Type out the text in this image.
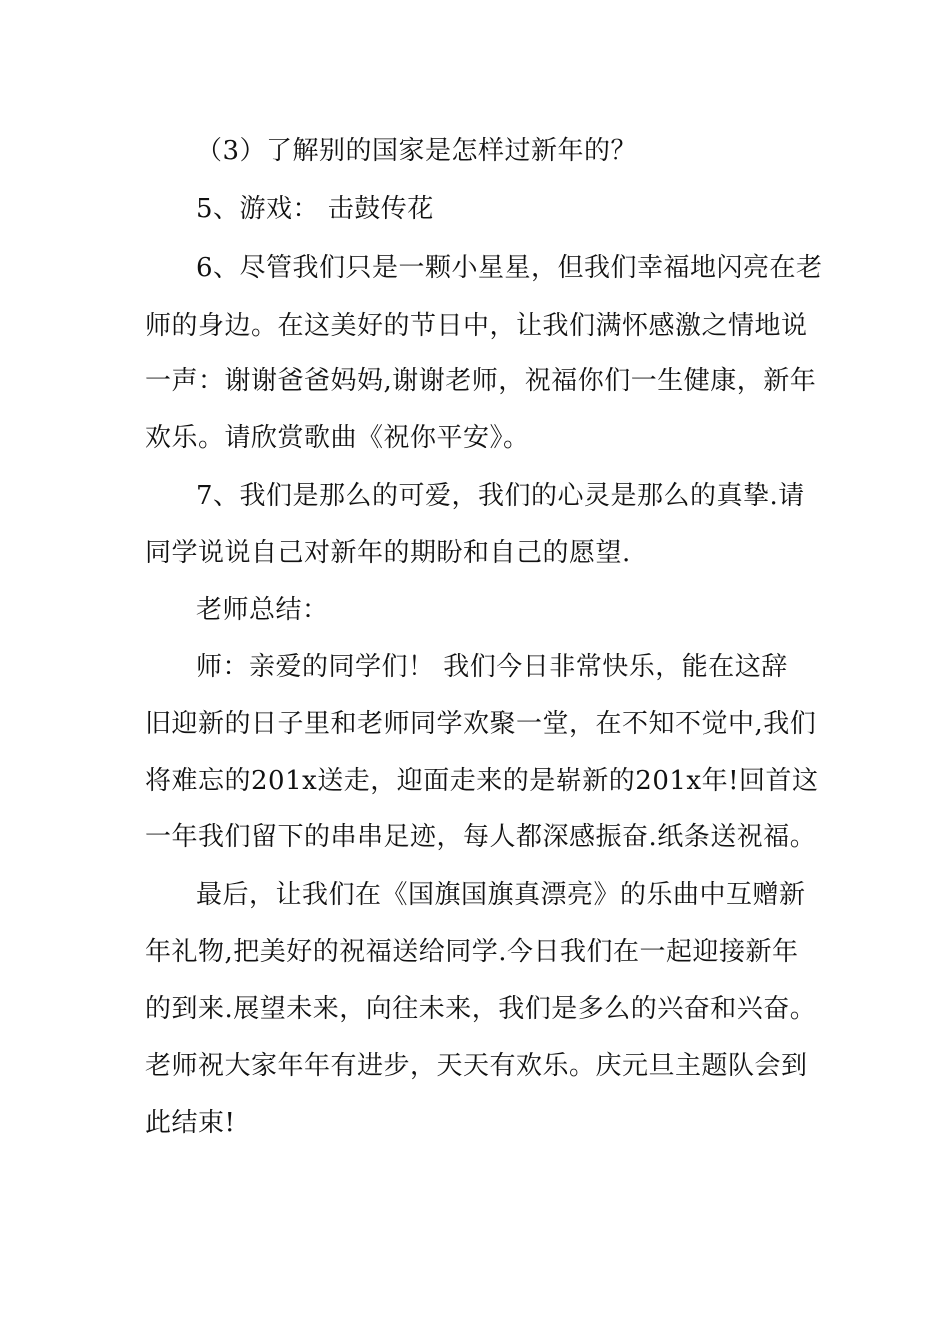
（3）了解别的国家是怎样过新年的？
5、游戏： 击鼓传花
6、尽管我们只是一颗小星星，但我们幸福地闪亮在老
师的身边。在这美好的节日中，让我们满怀感激之情地说
一声：谢谢爸爸妈妈,谢谢老师，祝福你们一生健康，新年
欢乐。请欣赏歌曲《祝你平安》。
7、我们是那么的可爱，我们的心灵是那么的真挚.请
同学说说自己对新年的期盼和自己的愿望.
老师总结：
师：亲爱的同学们！ 我们今日非常快乐，能在这辞
旧迎新的日子里和老师同学欢聚一堂，在不知不觉中,我们
将难忘的201x送走，迎面走来的是崭新的201x年!回首这
一年我们留下的串串足迹，每人都深感振奋.纸条送祝福。
最后，让我们在《国旗国旗真漂亮》的乐曲中互赠新
年礼物,把美好的祝福送给同学.今日我们在一起迎接新年
的到来.展望未来，向往未来，我们是多么的兴奋和兴奋。
老师祝大家年年有进步，天天有欢乐。庆元旦主题队会到
此结束!
